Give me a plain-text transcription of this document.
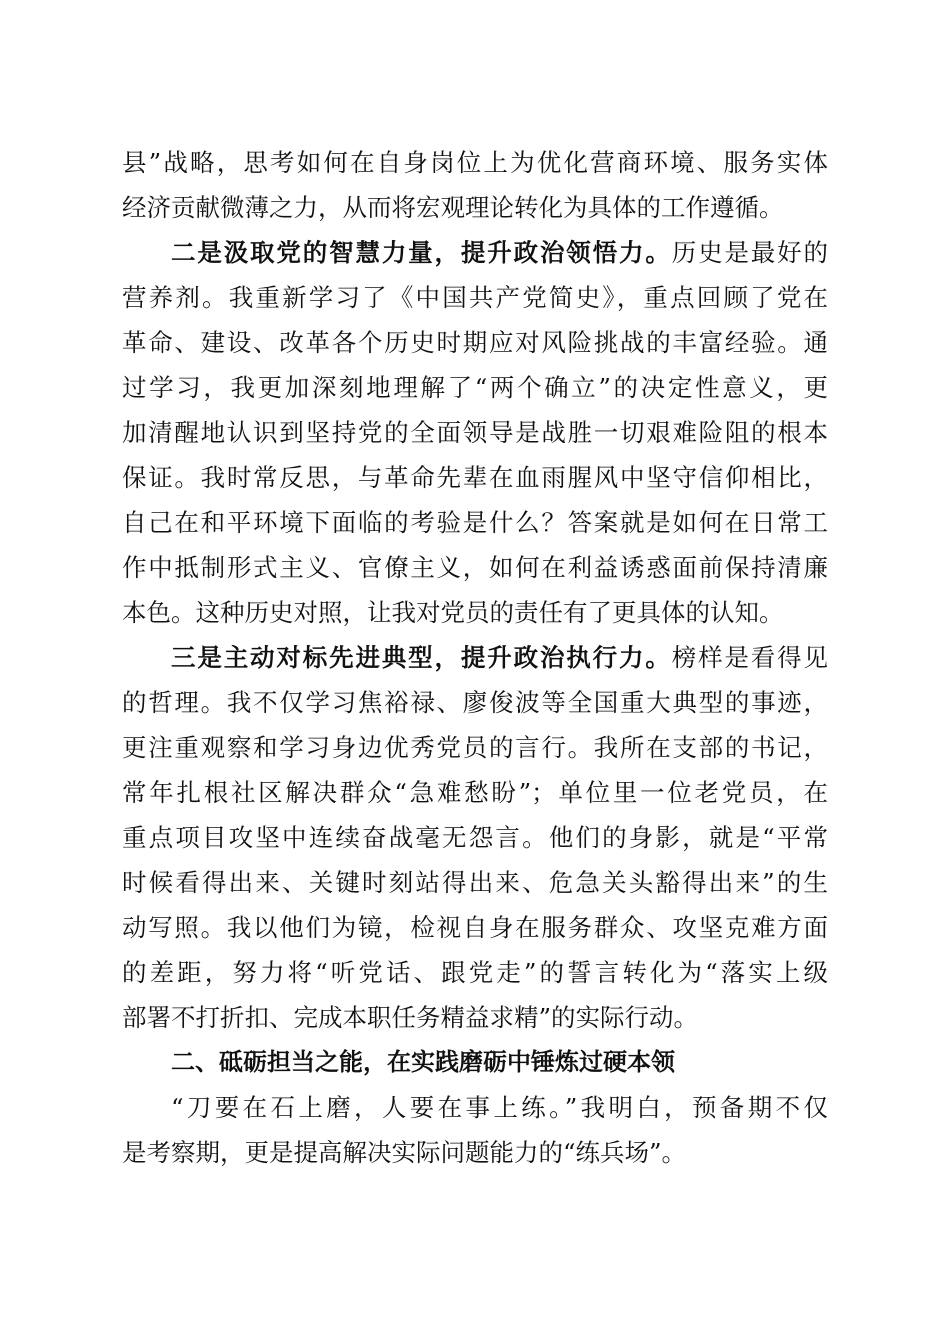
县”战略，思考如何在自身岗位上为优化营商环境、服务实体
经济贡献微薄之力，从而将宏观理论转化为具体的工作遵循。
二是汲取党的智慧力量，提升政治领悟力。历史是最好的
营养剂。我重新学习了《中国共产党简史》，重点回顾了党在
革命、建设、改革各个历史时期应对风险挑战的丰富经验。通
过学习，我更加深刻地理解了“两个确立”的决定性意义，更
加清醒地认识到坚持党的全面领导是战胜一切艰难险阻的根本
保证。我时常反思，与革命先辈在血雨腥风中坚守信仰相比，
自己在和平环境下面临的考验是什么？答案就是如何在日常工
作中抵制形式主义、官僚主义，如何在利益诱惑面前保持清廉
本色。这种历史对照，让我对党员的责任有了更具体的认知。
三是主动对标先进典型，提升政治执行力。榜样是看得见
的哲理。我不仅学习焦裕禄、廖俊波等全国重大典型的事迹，
更注重观察和学习身边优秀党员的言行。我所在支部的书记，
常年扎根社区解决群众“急难愁盼”；单位里一位老党员，在
重点项目攻坚中连续奋战毫无怨言。他们的身影，就是“平常
时候看得出来、关键时刻站得出来、危急关头豁得出来”的生
动写照。我以他们为镜，检视自身在服务群众、攻坚克难方面
的差距，努力将“听党话、跟党走”的誓言转化为“落实上级
部署不打折扣、完成本职任务精益求精”的实际行动。
二、砥砺担当之能，在实践磨砺中锤炼过硬本领
“刀要在石上磨，人要在事上练。”我明白，预备期不仅
是考察期，更是提高解决实际问题能力的“练兵场”。
